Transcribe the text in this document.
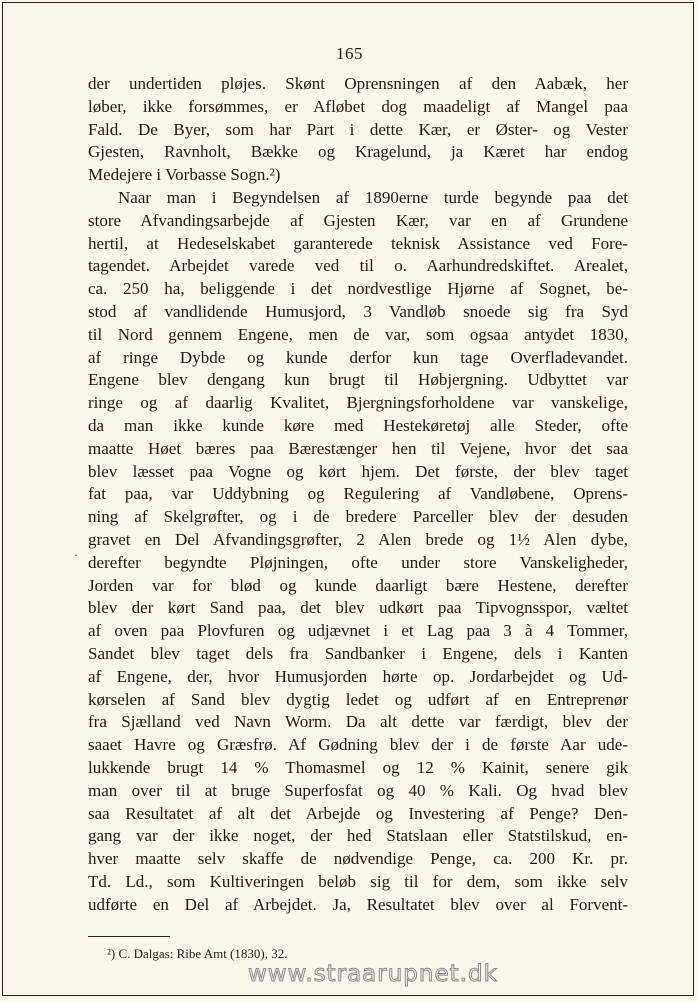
165
der undertiden pløjes. Skønt Oprensningen af den Aabæk, her
løber, ikke forsømmes, er Afløbet dog maadeligt af Mangel paa
Fald. De Byer, som har Part i dette Kær, er Øster- og Vester
Gjesten, Ravnholt, Bække og Kragelund, ja Kæret har endog
Medejere i Vorbasse Sogn.²)
Naar man i Begyndelsen af 1890erne turde begynde paa det
store Afvandingsarbejde af Gjesten Kær, var en af Grundene
hertil, at Hedeselskabet garanterede teknisk Assistance ved Fore-
tagendet. Arbejdet varede ved til o. Aarhundredskiftet. Arealet,
ca. 250 ha, beliggende i det nordvestlige Hjørne af Sognet, be-
stod af vandlidende Humusjord, 3 Vandløb snoede sig fra Syd
til Nord gennem Engene, men de var, som ogsaa antydet 1830,
af ringe Dybde og kunde derfor kun tage Overfladevandet.
Engene blev dengang kun brugt til Høbjergning. Udbyttet var
ringe og af daarlig Kvalitet, Bjergningsforholdene var vanskelige,
da man ikke kunde køre med Hestekøretøj alle Steder, ofte
maatte Høet bæres paa Bærestænger hen til Vejene, hvor det saa
blev læsset paa Vogne og kørt hjem. Det første, der blev taget
fat paa, var Uddybning og Regulering af Vandløbene, Oprens-
ning af Skelgrøfter, og i de bredere Parceller blev der desuden
gravet en Del Afvandingsgrøfter, 2 Alen brede og 1½ Alen dybe,
derefter begyndte Pløjningen, ofte under store Vanskeligheder,
Jorden var for blød og kunde daarligt bære Hestene, derefter
blev der kørt Sand paa, det blev udkørt paa Tipvognsspor, væltet
af oven paa Plovfuren og udjævnet i et Lag paa 3 à 4 Tommer,
Sandet blev taget dels fra Sandbanker i Engene, dels i Kanten
af Engene, der, hvor Humusjorden hørte op. Jordarbejdet og Ud-
kørselen af Sand blev dygtig ledet og udført af en Entreprenør
fra Sjælland ved Navn Worm. Da alt dette var færdigt, blev der
saaet Havre og Græsfrø. Af Gødning blev der i de første Aar ude-
lukkende brugt 14 % Thomasmel og 12 % Kainit, senere gik
man over til at bruge Superfosfat og 40 % Kali. Og hvad blev
saa Resultatet af alt det Arbejde og Investering af Penge? Den-
gang var der ikke noget, der hed Statslaan eller Statstilskud, en-
hver maatte selv skaffe de nødvendige Penge, ca. 200 Kr. pr.
Td. Ld., som Kultiveringen beløb sig til for dem, som ikke selv
udførte en Del af Arbejdet. Ja, Resultatet blev over al Forvent-
·
²) C. Dalgas: Ribe Amt (1830), 32.
www.straarupnet.dk
